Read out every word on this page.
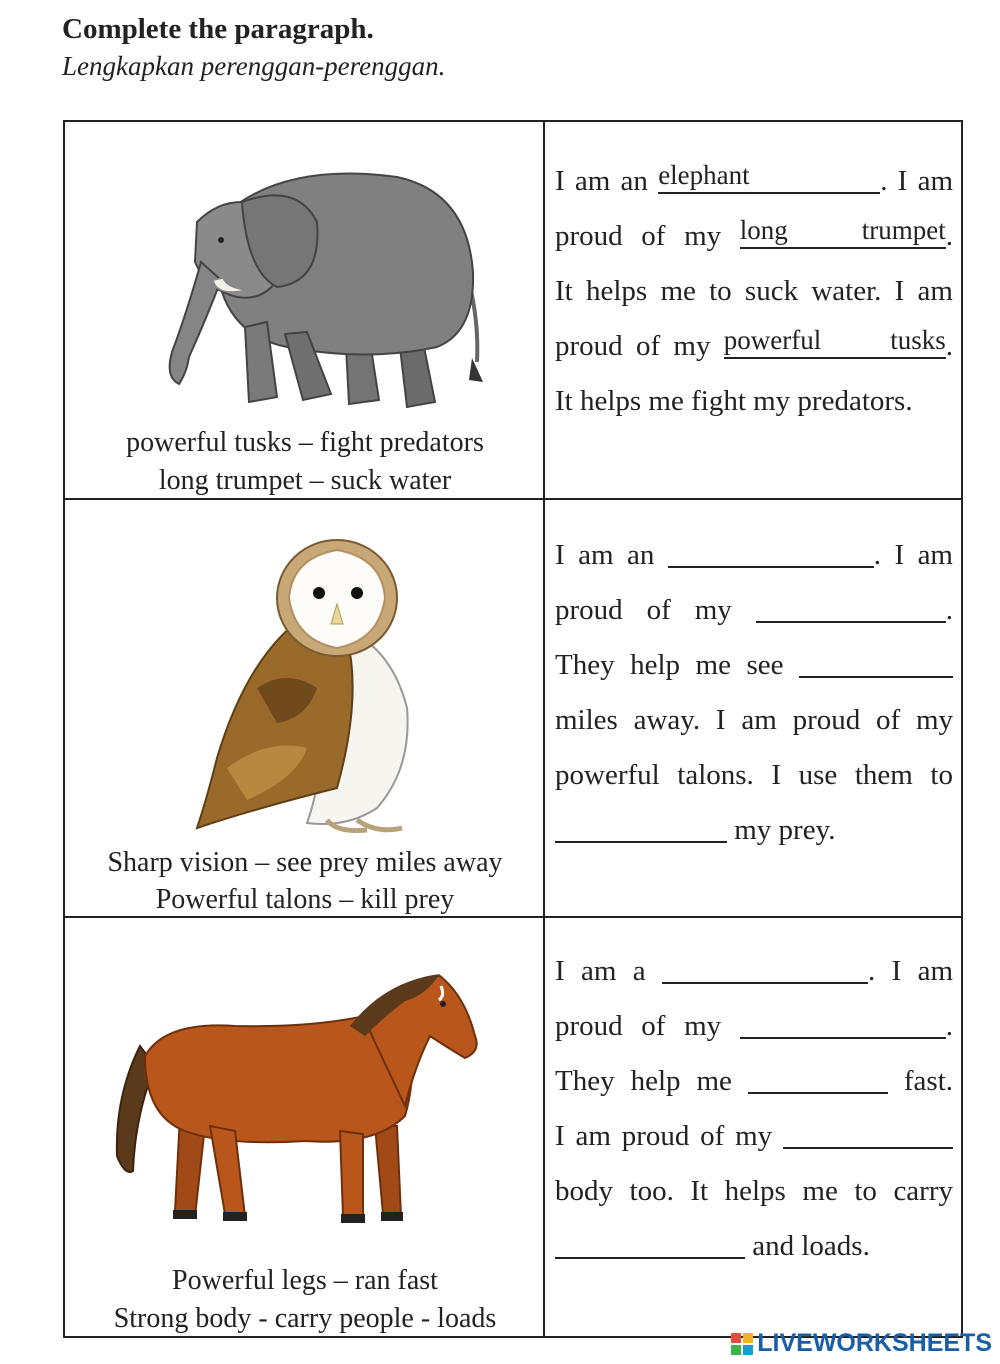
Complete the paragraph.
Lengkapkan perenggan-perenggan.
powerful tusks – fight predators
long trumpet – suck water
I am an elephant	. I am
proud of my long trumpet .
It helps me to suck water. I am
proud of my powerful tusks .
It helps me fight my predators.
Sharp vision – see prey miles away
Powerful talons – kill prey
I am an	. I am
proud of my	.
They help me see
miles away. I am proud of my
powerful talons. I use them to
my prey.
Powerful legs – ran fast
Strong body - carry people - loads
I am a	. I am
proud of my	.
They help me	fast.
I am proud of my
body too. It helps me to carry
and loads.
LIVEWORKSHEETS
